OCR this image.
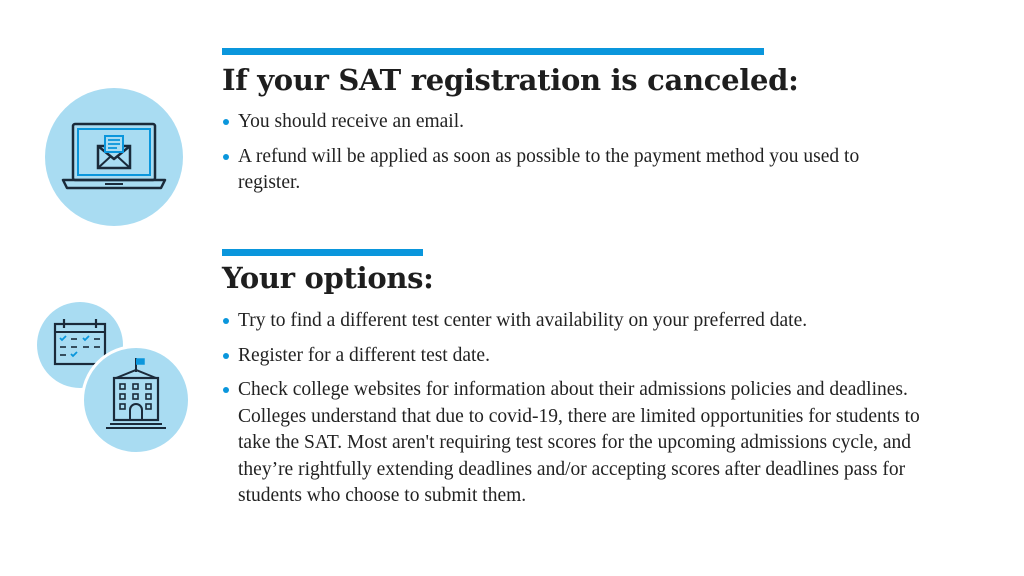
If your SAT registration is canceled:
You should receive an email.
A refund will be applied as soon as possible to the payment method you used to register.
Your options:
Try to find a different test center with availability on your preferred date.
Register for a different test date.
Check college websites for information about their admissions policies and deadlines. Colleges understand that due to covid-19, there are limited opportunities for students to take the SAT. Most aren't requiring test scores for the upcoming admissions cycle, and they’re rightfully extending deadlines and/or accepting scores after deadlines pass for students who choose to submit them.
